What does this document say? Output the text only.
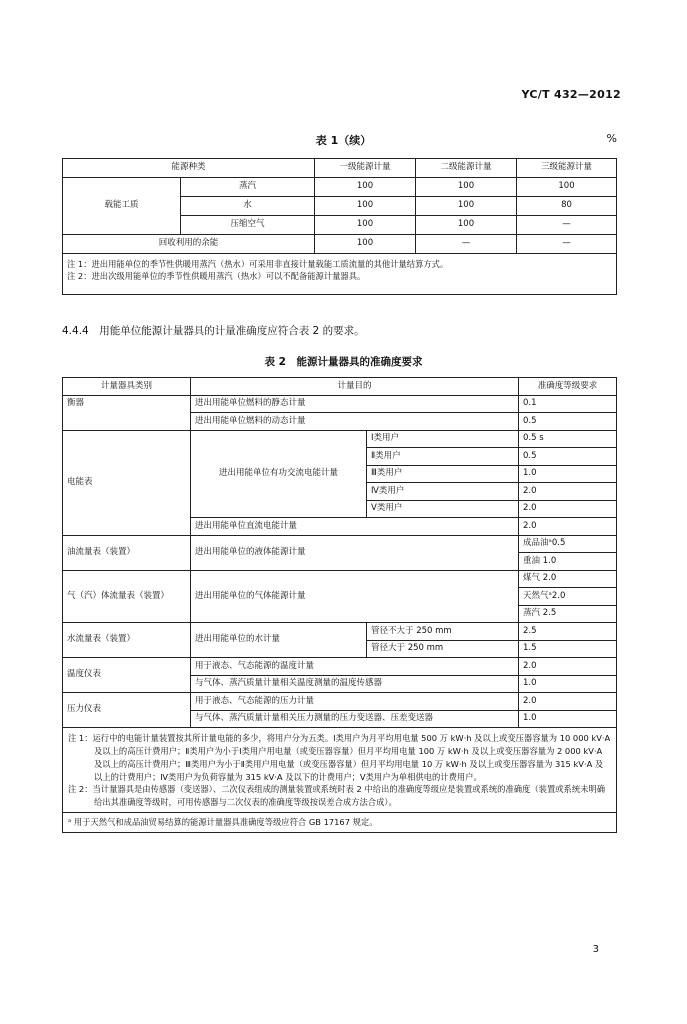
YC/T 432—2012
表 1（续）	%
能源种类		一级能源计量	二级能源计量	三级能源计量
载能工质	蒸汽	100	100	100
	水	100	100	80
	压缩空气	100	100	—
回收利用的余能		100	—	—

注 1：进出用能单位的季节性供暖用蒸汽（热水）可采用非直接计量载能工质流量的其他计量结算方式。
注 2：进出次级用能单位的季节性供暖用蒸汽（热水）可以不配备能源计量器具。				
4.4.4　用能单位能源计量器具的计量准确度应符合表 2 的要求。
表 2　能源计量器具的准确度要求
计量器具类别	计量目的		准确度等级要求
衡器	进出用能单位燃料的静态计量		0.1
	进出用能单位燃料的动态计量		0.5
电能表	进出用能单位有功交流电能计量	Ⅰ类用户	0.5 s
		Ⅱ类用户	0.5
		Ⅲ类用户	1.0
		Ⅳ类用户	2.0
		Ⅴ类用户	2.0
	进出用能单位直流电能计量		2.0
油流量表（装置）	进出用能单位的液体能源计量		成品油ᵃ0.5
			重油 1.0
气（汽）体流量表（装置）	进出用能单位的气体能源计量		煤气 2.0
			天然气ᵃ2.0
			蒸汽 2.5
水流量表（装置）	进出用能单位的水计量	管径不大于 250 mm	2.5
		管径大于 250 mm	1.5
温度仪表	用于液态、气态能源的温度计量		2.0
	与气体、蒸汽质量计量相关温度测量的温度传感器		1.0
压力仪表	用于液态、气态能源的压力计量		2.0
	与气体、蒸汽质量计量相关压力测量的压力变送器、压差变送器		1.0

注 1：运行中的电能计量装置按其所计量电能的多少，将用户分为五类。Ⅰ类用户为月平均用电量 500 万 kW·h 及以上或变压器容量为 10 000 kV·A 及以上的高压计费用户；Ⅱ类用户为小于Ⅰ类用户用电量（或变压器容量）但月平均用电量 100 万 kW·h 及以上或变压器容量为 2 000 kV·A 及以上的高压计费用户；Ⅲ类用户为小于Ⅱ类用户用电量（或变压器容量）但月平均用电量 10 万 kW·h 及以上或变压器容量为 315 kV·A 及以上的计费用户；Ⅳ类用户为负荷容量为 315 kV·A 及以下的计费用户；Ⅴ类用户为单相供电的计费用户。
注 2：当计量器具是由传感器（变送器）、二次仪表组成的测量装置或系统时表 2 中给出的准确度等级应是装置或系统的准确度（装置或系统未明确给出其准确度等级时，可用传感器与二次仪表的准确度等级按误差合成方法合成）。			

ᵃ 用于天然气和成品油贸易结算的能源计量器具准确度等级应符合 GB 17167 规定。			
3
